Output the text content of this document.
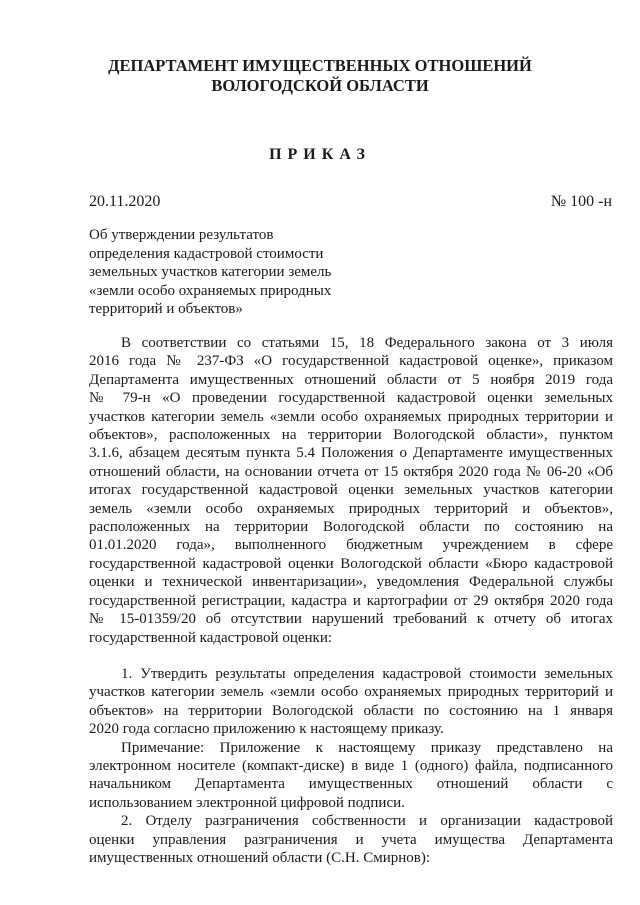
ДЕПАРТАМЕНТ ИМУЩЕСТВЕННЫХ ОТНОШЕНИЙ
ВОЛОГОДСКОЙ ОБЛАСТИ
ПРИКАЗ
20.11.2020	№ 100 -н
Об утверждении результатов
определения кадастровой стоимости
земельных участков категории земель
«земли особо охраняемых природных
территорий и объектов»
В соответствии со статьями 15, 18 Федерального закона от 3 июля
2016 года № 237-ФЗ «О государственной кадастровой оценке», приказом
Департамента имущественных отношений области от 5 ноября 2019 года
№ 79-н «О проведении государственной кадастровой оценки земельных
участков категории земель «земли особо охраняемых природных территории и
объектов», расположенных на территории Вологодской области», пунктом
3.1.6, абзацем десятым пункта 5.4 Положения о Департаменте имущественных
отношений области, на основании отчета от 15 октября 2020 года № 06-20 «Об
итогах государственной кадастровой оценки земельных участков категории
земель «земли особо охраняемых природных территорий и объектов»,
расположенных на территории Вологодской области по состоянию на
01.01.2020 года», выполненного бюджетным учреждением в сфере
государственной кадастровой оценки Вологодской области «Бюро кадастровой
оценки и технической инвентаризации», уведомления Федеральной службы
государственной регистрации, кадастра и картографии от 29 октября 2020 года
№ 15-01359/20 об отсутствии нарушений требований к отчету об итогах
государственной кадастровой оценки:
1. Утвердить результаты определения кадастровой стоимости земельных
участков категории земель «земли особо охраняемых природных территорий и
объектов» на территории Вологодской области по состоянию на 1 января
2020 года согласно приложению к настоящему приказу.
Примечание: Приложение к настоящему приказу представлено на
электронном носителе (компакт-диске) в виде 1 (одного) файла, подписанного
начальником Департамента имущественных отношений области с
использованием электронной цифровой подписи.
2. Отделу разграничения собственности и организации кадастровой
оценки управления разграничения и учета имущества Департамента
имущественных отношений области (С.Н. Смирнов):
